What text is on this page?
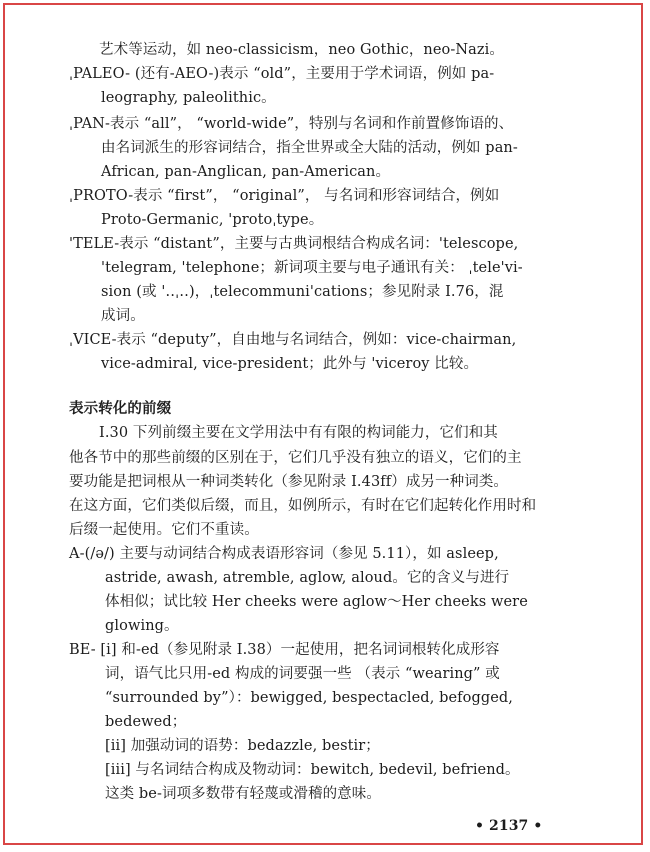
艺术等运动，如 neo-classicism，neo Gothic，neo-Nazi。
ˌPALEO- (还有-AEO-)表示 “old”，主要用于学术词语，例如 pa-
leography, paleolithic。
ˌPAN-表示 “all”， “world-wide”，特别与名词和作前置修饰语的、
由名词派生的形容词结合，指全世界或全大陆的活动，例如 pan-
African, pan-Anglican, pan-American。
ˌPROTO-表示 “first”， “original”， 与名词和形容词结合，例如
Proto-Germanic, 'protoˌtype。
'TELE-表示 “distant”，主要与古典词根结合构成名词：'telescope,
'telegram, 'telephone；新词项主要与电子通讯有关： ˌtele'vi-
sion (或 '‥ˌ‥)，ˌtelecommuni'cations；参见附录 Ⅰ.76，混
成词。
ˌVICE-表示 “deputy”，自由地与名词结合，例如：vice-chairman,
vice-admiral, vice-president；此外与 'viceroy 比较。
表示转化的前缀
Ⅰ.30 下列前缀主要在文学用法中有有限的构词能力，它们和其
他各节中的那些前缀的区别在于，它们几乎没有独立的语义，它们的主
要功能是把词根从一种词类转化（参见附录 Ⅰ.43ff）成另一种词类。
在这方面，它们类似后缀，而且，如例所示，有时在它们起转化作用时和
后缀一起使用。它们不重读。
A-(/ə/) 主要与动词结合构成表语形容词（参见 5.11），如 asleep,
astride, awash, atremble, aglow, aloud。它的含义与进行
体相似；试比较 Her cheeks were aglow～Her cheeks were
glowing。
BE- [i] 和-ed（参见附录 Ⅰ.38）一起使用，把名词词根转化成形容
词，语气比只用-ed 构成的词要强一些 （表示 “wearing” 或
“surrounded by”）：bewigged, bespectacled, befogged,
bedewed；
[ii] 加强动词的语势：bedazzle, bestir；
[iii] 与名词结合构成及物动词：bewitch, bedevil, befriend。
这类 be-词项多数带有轻蔑或滑稽的意味。
• 2137 •
